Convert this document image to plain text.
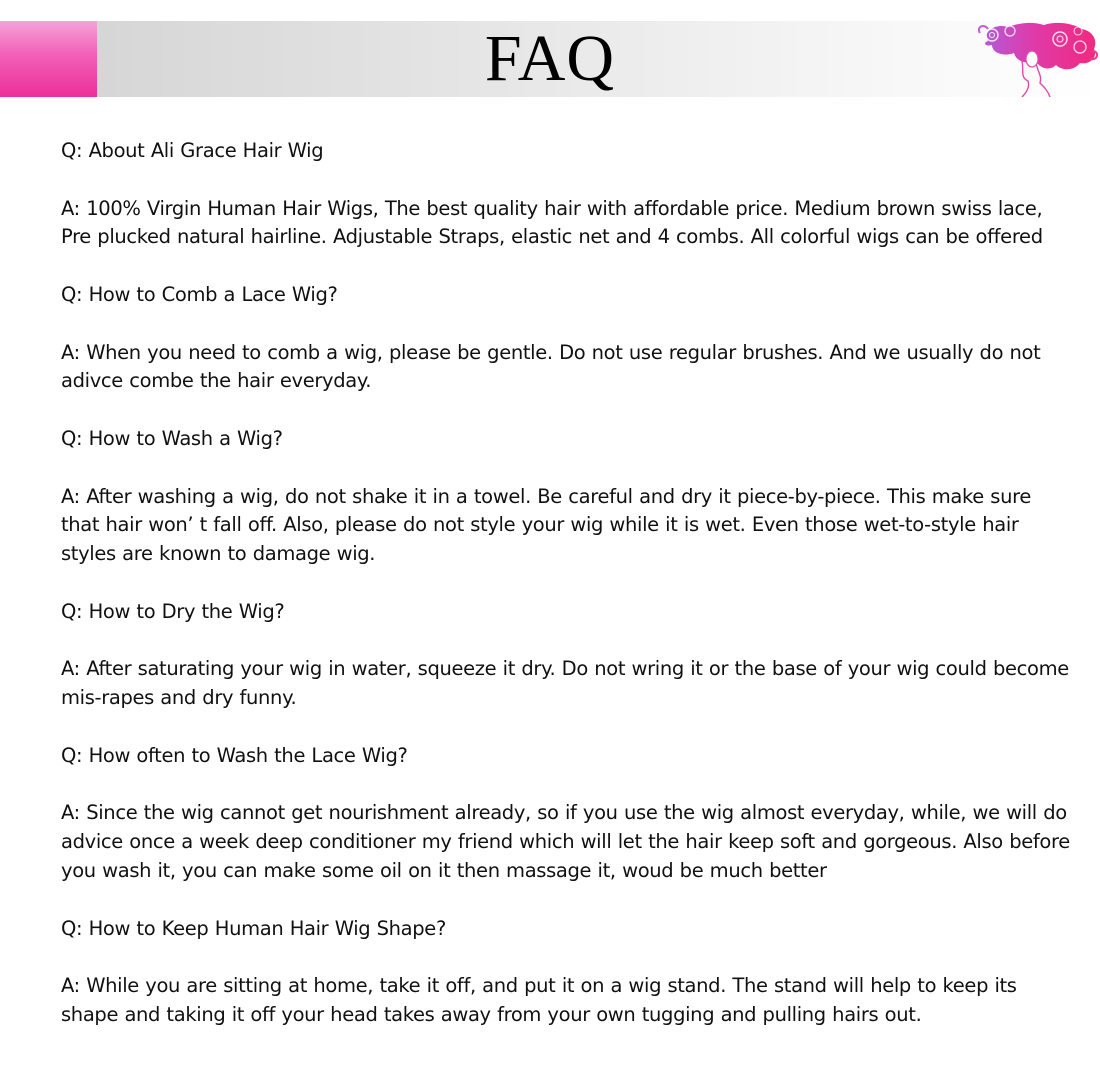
FAQ

Q: About Ali Grace Hair Wig

A: 100% Virgin Human Hair Wigs, The best quality hair with affordable price. Medium brown swiss lace, Pre plucked natural hairline. Adjustable Straps, elastic net and 4 combs. All colorful wigs can be offered

Q: How to Comb a Lace Wig?

A: When you need to comb a wig, please be gentle. Do not use regular brushes. And we usually do not adivce combe the hair everyday.

Q: How to Wash a Wig?

A: After washing a wig, do not shake it in a towel. Be careful and dry it piece-by-piece. This make sure that hair won’ t fall off. Also, please do not style your wig while it is wet. Even those wet-to-style hair styles are known to damage wig.

Q: How to Dry the Wig?

A: After saturating your wig in water, squeeze it dry. Do not wring it or the base of your wig could become mis-rapes and dry funny.

Q: How often to Wash the Lace Wig?

A: Since the wig cannot get nourishment already, so if you use the wig almost everyday, while, we will do advice once a week deep conditioner my friend which will let the hair keep soft and gorgeous. Also before you wash it, you can make some oil on it then massage it, woud be much better

Q: How to Keep Human Hair Wig Shape?

A: While you are sitting at home, take it off, and put it on a wig stand. The stand will help to keep its shape and taking it off your head takes away from your own tugging and pulling hairs out.
